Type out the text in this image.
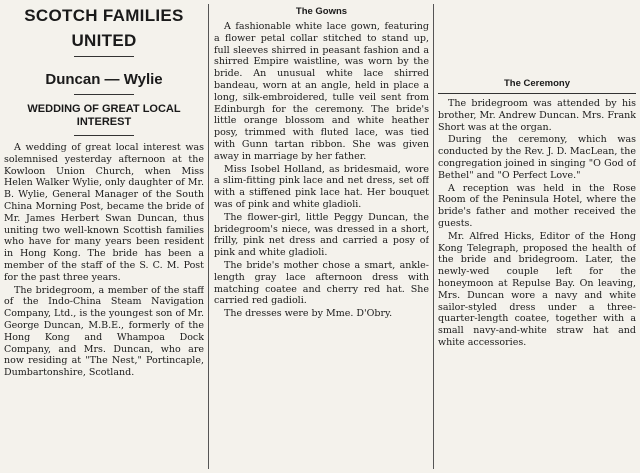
SCOTCH FAMILIES
UNITED
Duncan — Wylie
WEDDING OF GREAT LOCAL
INTEREST

A wedding of great local interest was solemnised yesterday afternoon at the Kowloon Union Church, when Miss Helen Walker Wylie, only daughter of Mr. B. Wylie, General Manager of the South China Morning Post, became the bride of Mr. James Herbert Swan Duncan, thus uniting two well-known Scottish families who have for many years been resident in Hong Kong. The bride has been a member of the staff of the S. C. M. Post for the past three years.

The bridegroom, a member of the staff of the Indo-China Steam Navigation Company, Ltd., is the youngest son of Mr. George Duncan, M.B.E., formerly of the Hong Kong and Whampoa Dock Company, and Mrs. Duncan, who are now residing at "The Nest," Portincaple, Dumbartonshire, Scotland.

The Gowns

A fashionable white lace gown, featuring a flower petal collar stitched to stand up, full sleeves shirred in peasant fashion and a shirred Empire waistline, was worn by the bride. An unusual white lace shirred bandeau, worn at an angle, held in place a long, silk-embroidered, tulle veil sent from Edinburgh for the ceremony. The bride's little orange blossom and white heather posy, trimmed with fluted lace, was tied with Gunn tartan ribbon. She was given away in marriage by her father.

Miss Isobel Holland, as bridesmaid, wore a slim-fitting pink lace and net dress, set off with a stiffened pink lace hat. Her bouquet was of pink and white gladioli.

The flower-girl, little Peggy Duncan, the bridegroom's niece, was dressed in a short, frilly, pink net dress and carried a posy of pink and white gladioli.

The bride's mother chose a smart, ankle-length gray lace afternoon dress with matching coatee and cherry red hat. She carried red gadioli.

The dresses were by Mme. D'Obry.

The Ceremony

The bridegroom was attended by his brother, Mr. Andrew Duncan. Mrs. Frank Short was at the organ.

During the ceremony, which was conducted by the Rev. J. D. MacLean, the congregation joined in singing "O God of Bethel" and "O Perfect Love."

A reception was held in the Rose Room of the Peninsula Hotel, where the bride's father and mother received the guests.

Mr. Alfred Hicks, Editor of the Hong Kong Telegraph, proposed the health of the bride and bridegroom. Later, the newly-wed couple left for the honeymoon at Repulse Bay. On leaving, Mrs. Duncan wore a navy and white sailor-styled dress under a three-quarter-length coatee, together with a small navy-and-white straw hat and white accessories.
